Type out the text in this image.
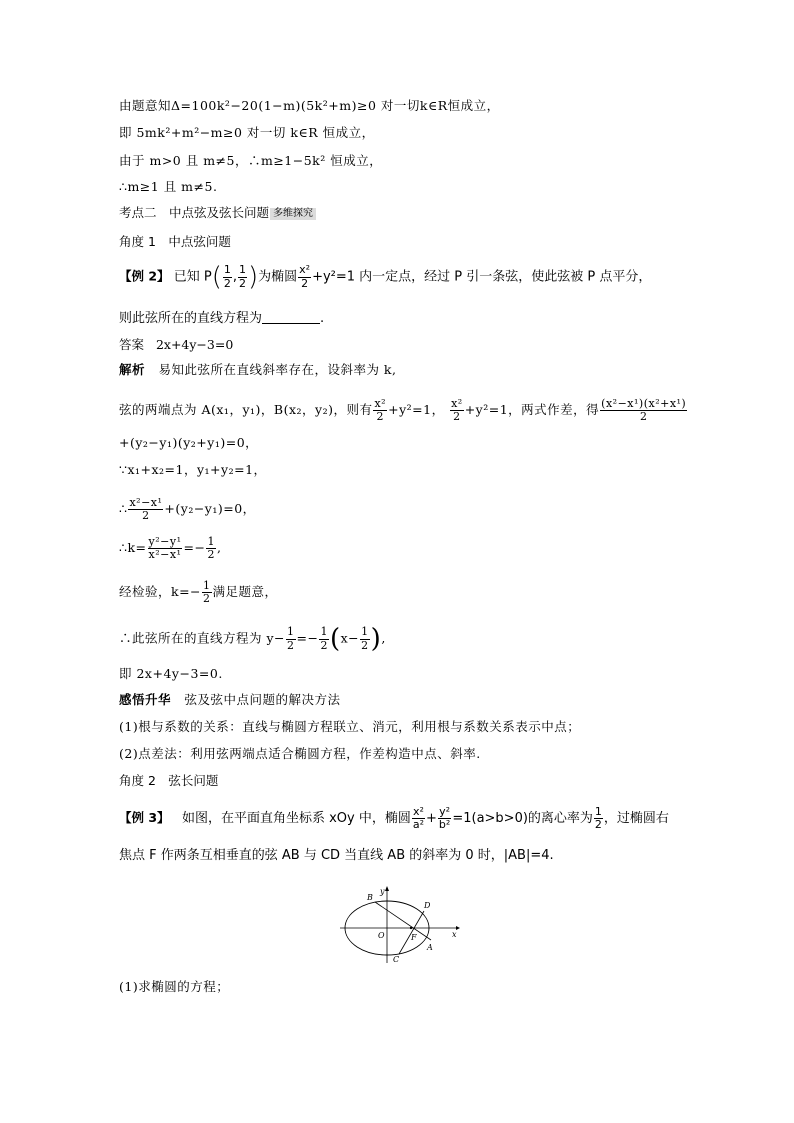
由题意知Δ=100k²−20(1−m)(5k²+m)≥0 对一切k∈R恒成立，
即 5mk²+m²−m≥0 对一切 k∈R 恒成立，
由于 m>0 且 m≠5，∴m≥1−5k² 恒成立，
∴m≥1 且 m≠5.
考点二　中点弦及弦长问题 多维探究
角度 1　中点弦问题
【例 2】 已知 $P( \frac{1}{2}$ , $\frac{1}{2}$ )为椭圆 $\frac{\text{x²}}{2} +y^2=1$ 内一定点，经过 P 引一条弦，使此弦被 P 点平分，
则此弦所在的直线方程为	.
答案 2x+4y−3=0
解析 易知此弦所在直线斜率存在，设斜率为 k,
弦的两端点为 A(x₁，y₁)，B(x₂，y₂)，则有 $\frac{\text{x²}}{2} +y^2=1$， $\frac{\text{x²}}{2} +y^2=1$，两式作差，得 $\frac{\text{(x²−x¹)(x²+x¹)}}{2}$
+(y₂−y₁)(y₂+y₁)=0，
∵x₁+x₂=1，y₁+y₂=1，
∴ $\frac{\text{x²−x¹}}{2} +(y_2-y_1)=0$，
∴k= $\frac{\text{y²−y¹}}{\text{x²−x¹}} =- \frac{1}{2}$ ,
经检验，$k=- \frac{1}{2}$ 满足题意，
∴此弦所在的直线方程为 $y- \frac{1}{2} =- \frac{1}{2} (x- \frac{1}{2}$ ),
即 2x+4y−3=0.
感悟升华 弦及弦中点问题的解决方法
(1)根与系数的关系：直线与椭圆方程联立、消元，利用根与系数关系表示中点；
(2)点差法：利用弦两端点适合椭圆方程，作差构造中点、斜率.
角度 2　弦长问题
【例 3】 如图，在平面直角坐标系 xOy 中，椭圆 $\frac{\text{x²}}{\text{a²}} + \frac{\text{y²}}{\text{b²}} =1(a>b>0)$的离心率为 $\frac{1}{2}$ ，过椭圆右
焦点 F 作两条互相垂直的弦 AB 与 CD 当直线 AB 的斜率为 0 时，|AB|=4.
y
x
O
B
D
F
A
C
(1)求椭圆的方程；
